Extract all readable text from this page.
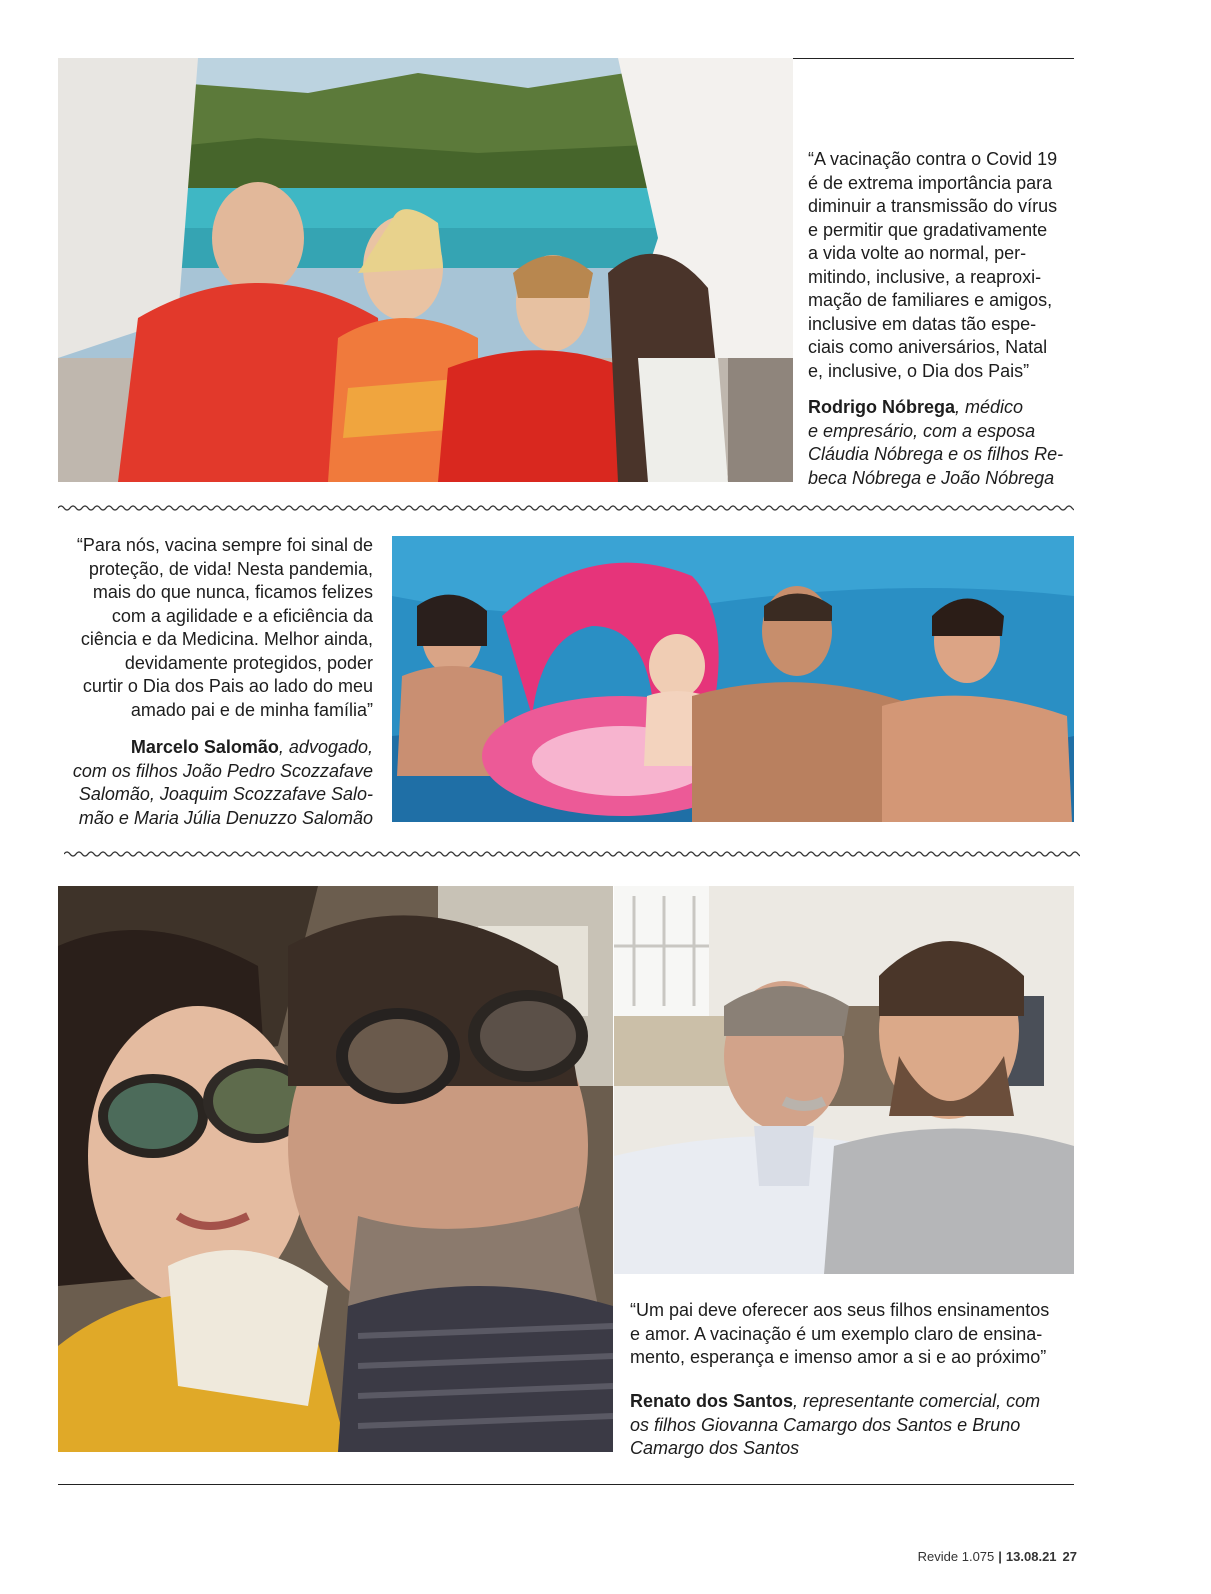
“A vacinação contra o Covid 19
é de extrema importância para
diminuir a transmissão do vírus
e permitir que gradativamente
a vida volte ao normal, per-
mitindo, inclusive, a reaproxi-
mação de familiares e amigos,
inclusive em datas tão espe-
ciais como aniversários, Natal
e, inclusive, o Dia dos Pais”
Rodrigo Nóbrega, médico
e empresário, com a esposa
Cláudia Nóbrega e os filhos Re-
beca Nóbrega e João Nóbrega
“Para nós, vacina sempre foi sinal de
proteção, de vida! Nesta pandemia,
mais do que nunca, ficamos felizes
com a agilidade e a eficiência da
ciência e da Medicina. Melhor ainda,
devidamente protegidos, poder
curtir o Dia dos Pais ao lado do meu
amado pai e de minha família”
Marcelo Salomão, advogado,
com os filhos João Pedro Scozzafave
Salomão, Joaquim Scozzafave Salo-
mão e Maria Júlia Denuzzo Salomão
“Um pai deve oferecer aos seus filhos ensinamentos
e amor. A vacinação é um exemplo claro de ensina-
mento, esperança e imenso amor a si e ao próximo”
Renato dos Santos, representante comercial, com
os filhos Giovanna Camargo dos Santos e Bruno
Camargo dos Santos
Revide 1.075 | 13.08.21 27
